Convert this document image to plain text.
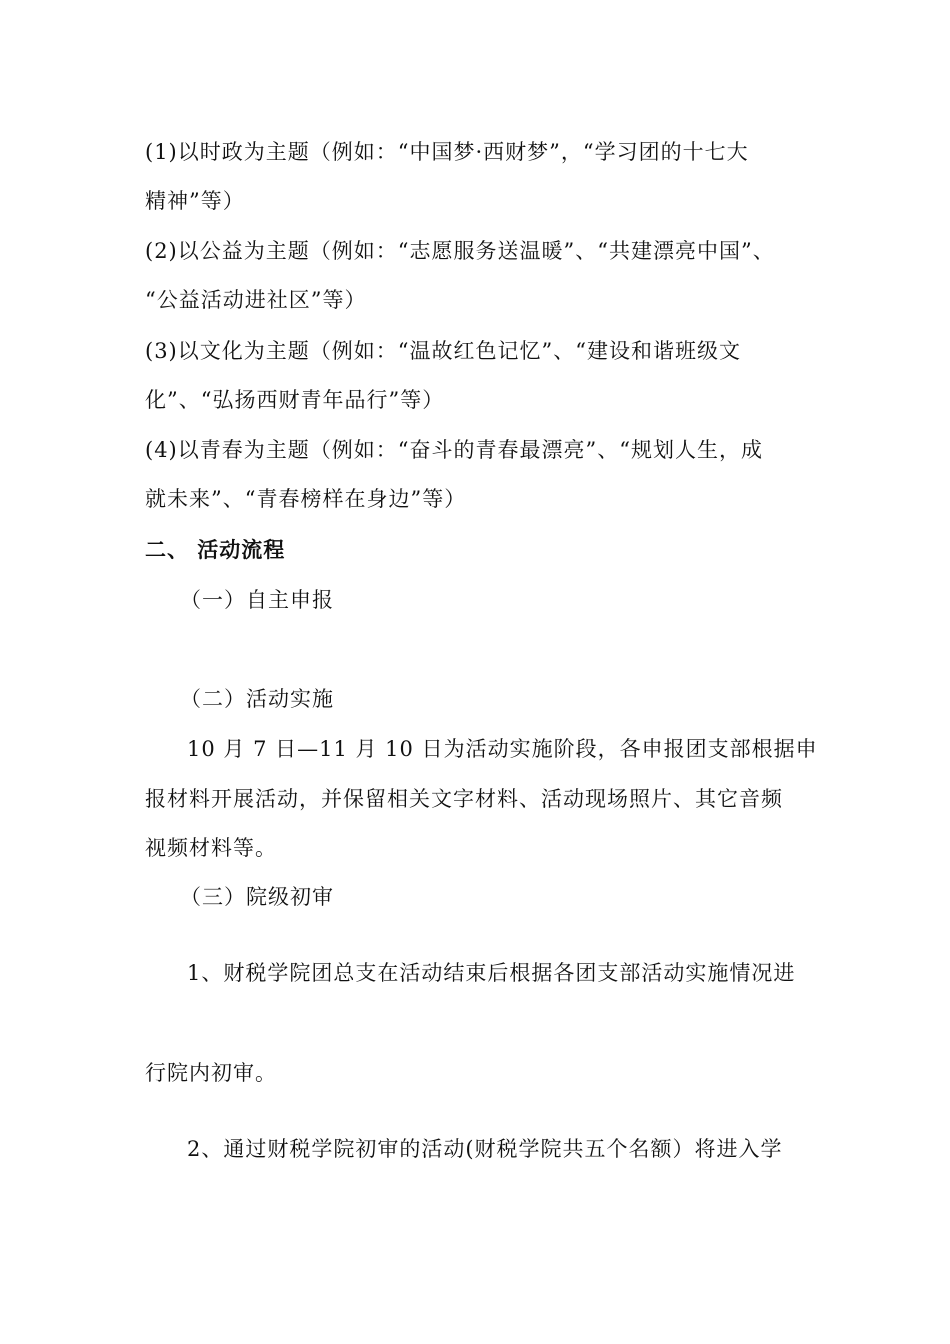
(1)以时政为主题（例如：“中国梦·西财梦”，“学习团的十七大
精神”等）
(2)以公益为主题（例如：“志愿服务送温暖”、“共建漂亮中国”、
“公益活动进社区”等）
(3)以文化为主题（例如：“温故红色记忆”、“建设和谐班级文
化”、“弘扬西财青年品行”等）
(4)以青春为主题（例如：“奋斗的青春最漂亮”、“规划人生，成
就未来”、“青春榜样在身边”等）
二、 活动流程
（一）自主申报
（二）活动实施
10 月 7 日—11 月 10 日为活动实施阶段，各申报团支部根据申
报材料开展活动，并保留相关文字材料、活动现场照片、其它音频
视频材料等。
（三）院级初审
1、财税学院团总支在活动结束后根据各团支部活动实施情况进
行院内初审。
2、通过财税学院初审的活动(财税学院共五个名额）将进入学
